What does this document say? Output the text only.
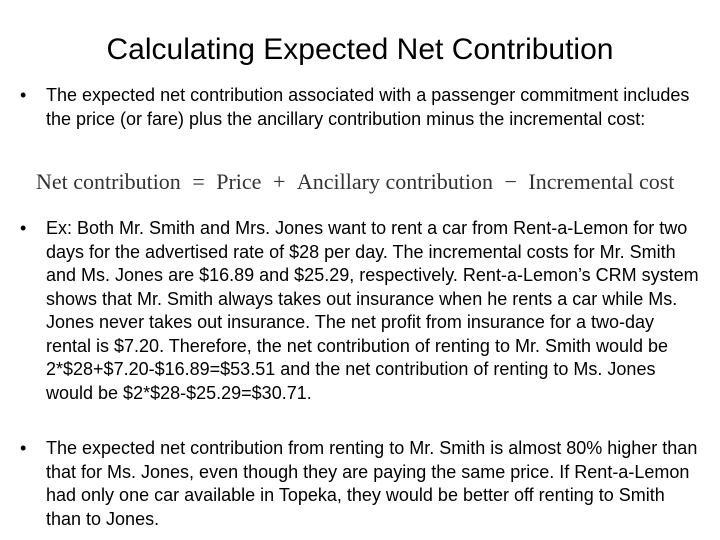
Calculating Expected Net Contribution
•	The expected net contribution associated with a passenger commitment includes the price (or fare) plus the ancillary contribution minus the incremental cost:
Net contribution = Price + Ancillary contribution − Incremental cost
•	Ex: Both Mr. Smith and Mrs. Jones want to rent a car from Rent-a-Lemon for two days for the advertised rate of $28 per day. The incremental costs for Mr. Smith and Ms. Jones are $16.89 and $25.29, respectively. Rent-a-Lemon’s CRM system shows that Mr. Smith always takes out insurance when he rents a car while Ms. Jones never takes out insurance. The net profit from insurance for a two-day rental is $7.20. Therefore, the net contribution of renting to Mr. Smith would be 2*$28+$7.20-$16.89=$53.51 and the net contribution of renting to Ms. Jones would be $2*$28-$25.29=$30.71.
•	The expected net contribution from renting to Mr. Smith is almost 80% higher than that for Ms. Jones, even though they are paying the same price. If Rent-a-Lemon had only one car available in Topeka, they would be better off renting to Smith than to Jones.
